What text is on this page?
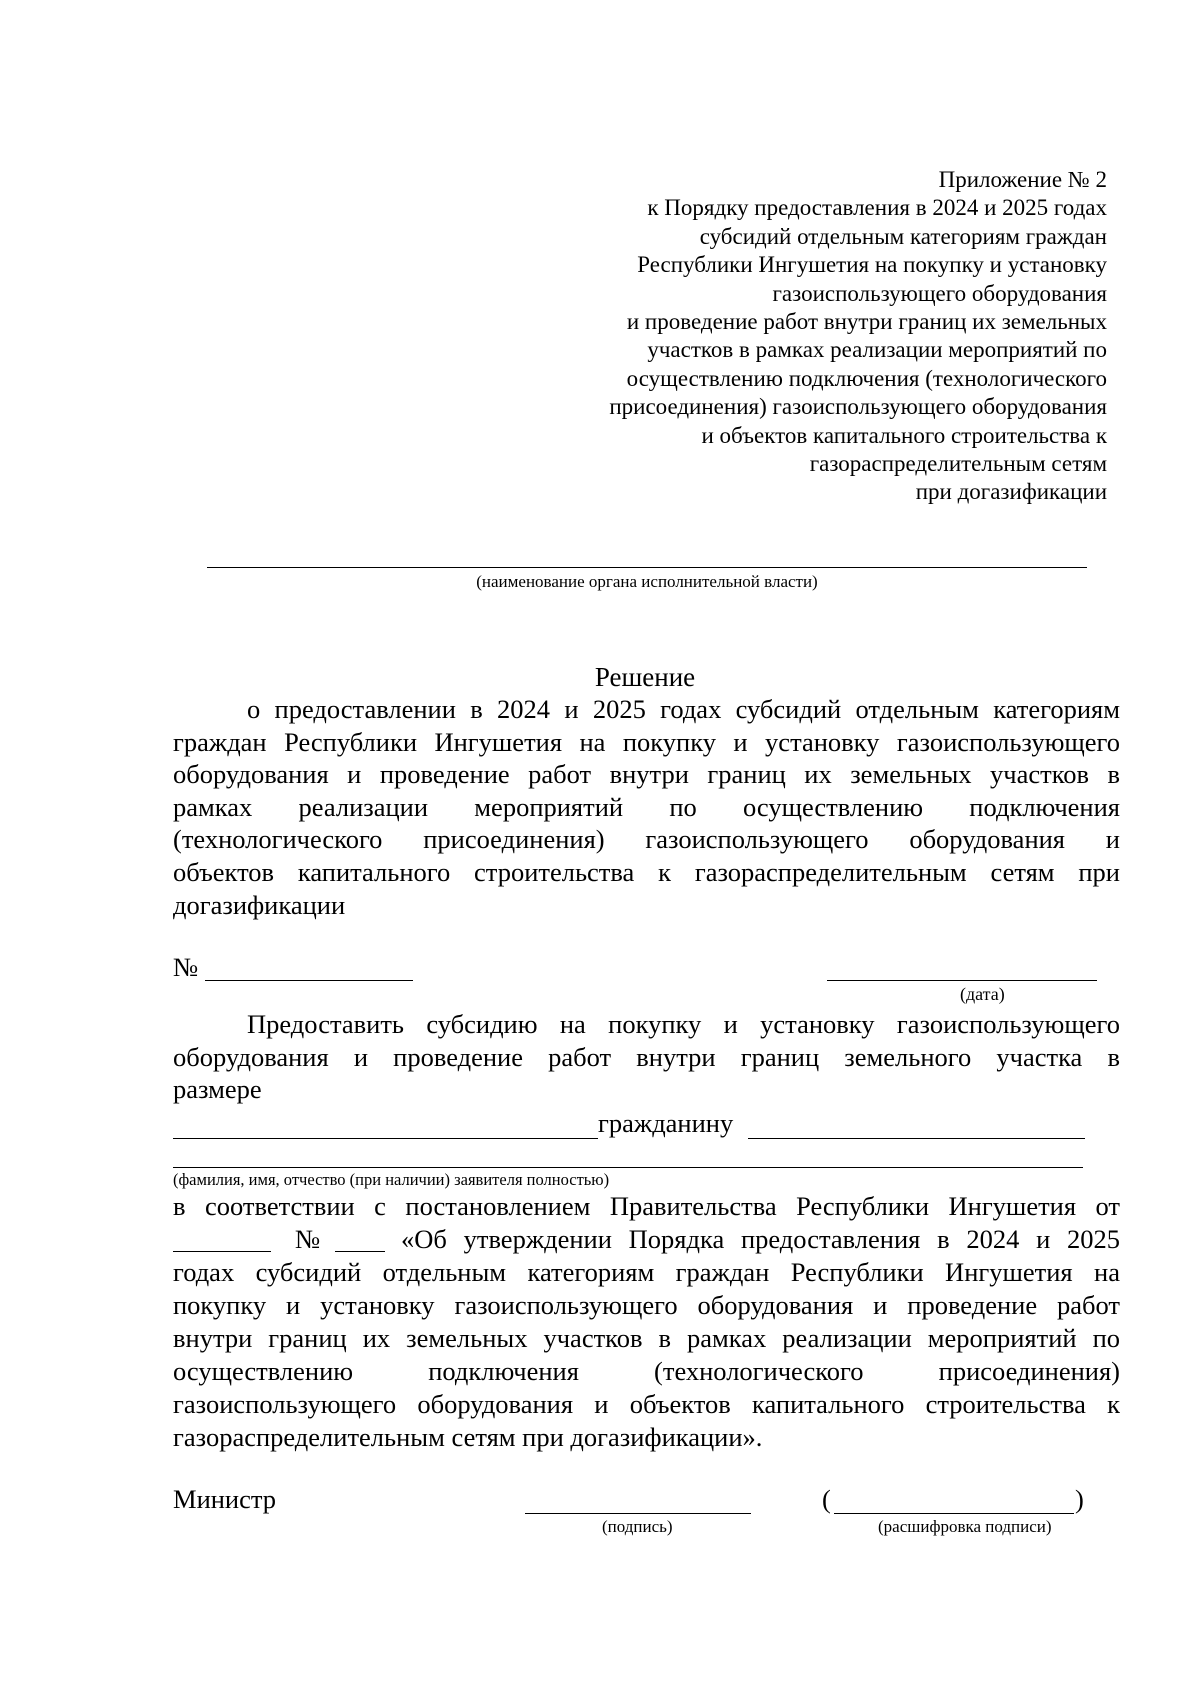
Приложение № 2
к Порядку предоставления в 2024 и 2025 годах
субсидий отдельным категориям граждан
Республики Ингушетия на покупку и установку
газоиспользующего оборудования
и проведение работ внутри границ их земельных
участков в рамках реализации мероприятий по
осуществлению подключения (технологического
присоединения) газоиспользующего оборудования
и объектов капитального строительства к
газораспределительным сетям
при догазификации
(наименование органа исполнительной власти)
Решение
о предоставлении в 2024 и 2025 годах субсидий отдельным категориям
граждан Республики Ингушетия на покупку и установку газоиспользующего
оборудования и проведение работ внутри границ их земельных участков в
рамках реализации мероприятий по осуществлению подключения
(технологического присоединения) газоиспользующего оборудования и
объектов капитального строительства к газораспределительным сетям при
догазификации
№
(дата)
Предоставить субсидию на покупку и установку газоиспользующего
оборудования и проведение работ внутри границ земельного участка в
размере
гражданину
(фамилия, имя, отчество (при наличии) заявителя полностью)
в соответствии с постановлением Правительства Республики Ингушетия от
№	«Об утверждении Порядка предоставления в 2024 и 2025
годах субсидий отдельным категориям граждан Республики Ингушетия на
покупку и установку газоиспользующего оборудования и проведение работ
внутри границ их земельных участков в рамках реализации мероприятий по
осуществлению подключения (технологического присоединения)
газоиспользующего оборудования и объектов капитального строительства к
газораспределительным сетям при догазификации».
Министр
(подпись)
(	)
(расшифровка подписи)
